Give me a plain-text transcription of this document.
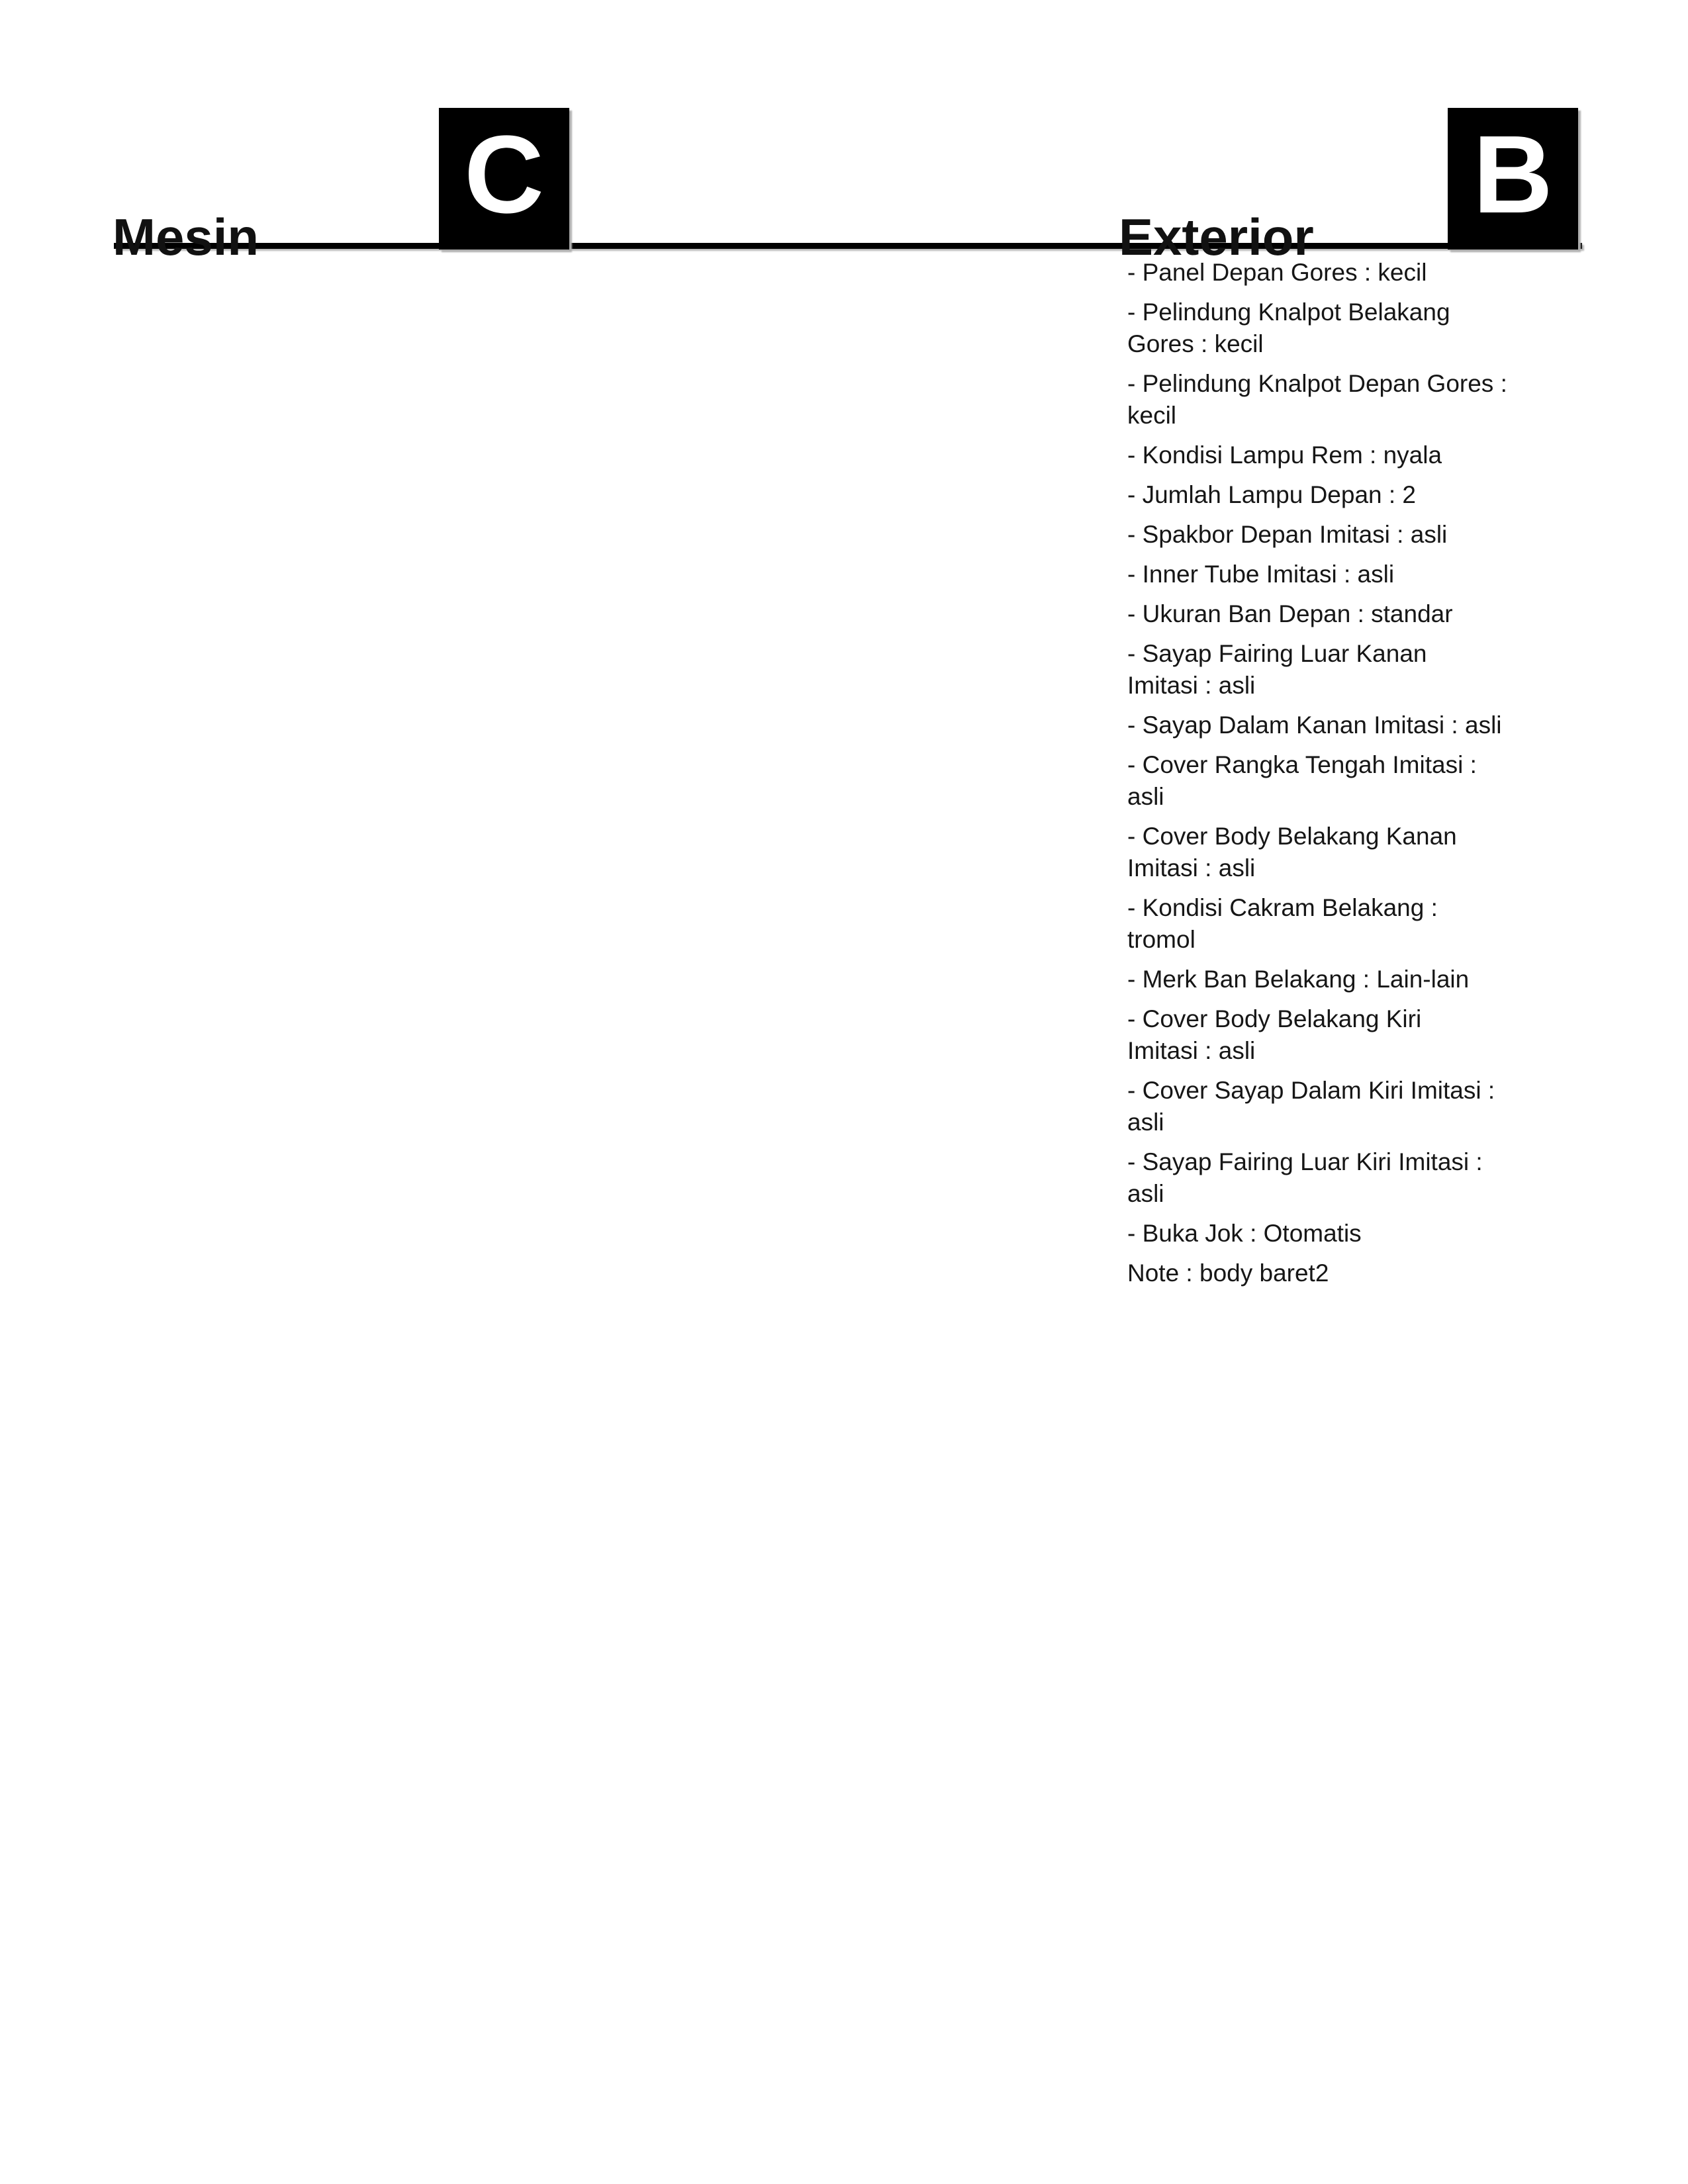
Mesin
C
Exterior
B

- Panel Depan Gores : kecil

- Pelindung Knalpot Belakang
Gores : kecil

- Pelindung Knalpot Depan Gores :
kecil

- Kondisi Lampu Rem : nyala

- Jumlah Lampu Depan : 2

- Spakbor Depan Imitasi : asli

- Inner Tube Imitasi : asli

- Ukuran Ban Depan : standar

- Sayap Fairing Luar Kanan
Imitasi : asli

- Sayap Dalam Kanan Imitasi : asli

- Cover Rangka Tengah Imitasi :
asli

- Cover Body Belakang Kanan
Imitasi : asli

- Kondisi Cakram Belakang :
tromol

- Merk Ban Belakang : Lain-lain

- Cover Body Belakang Kiri
Imitasi : asli

- Cover Sayap Dalam Kiri Imitasi :
asli

- Sayap Fairing Luar Kiri Imitasi :
asli

- Buka Jok : Otomatis

Note : body baret2
